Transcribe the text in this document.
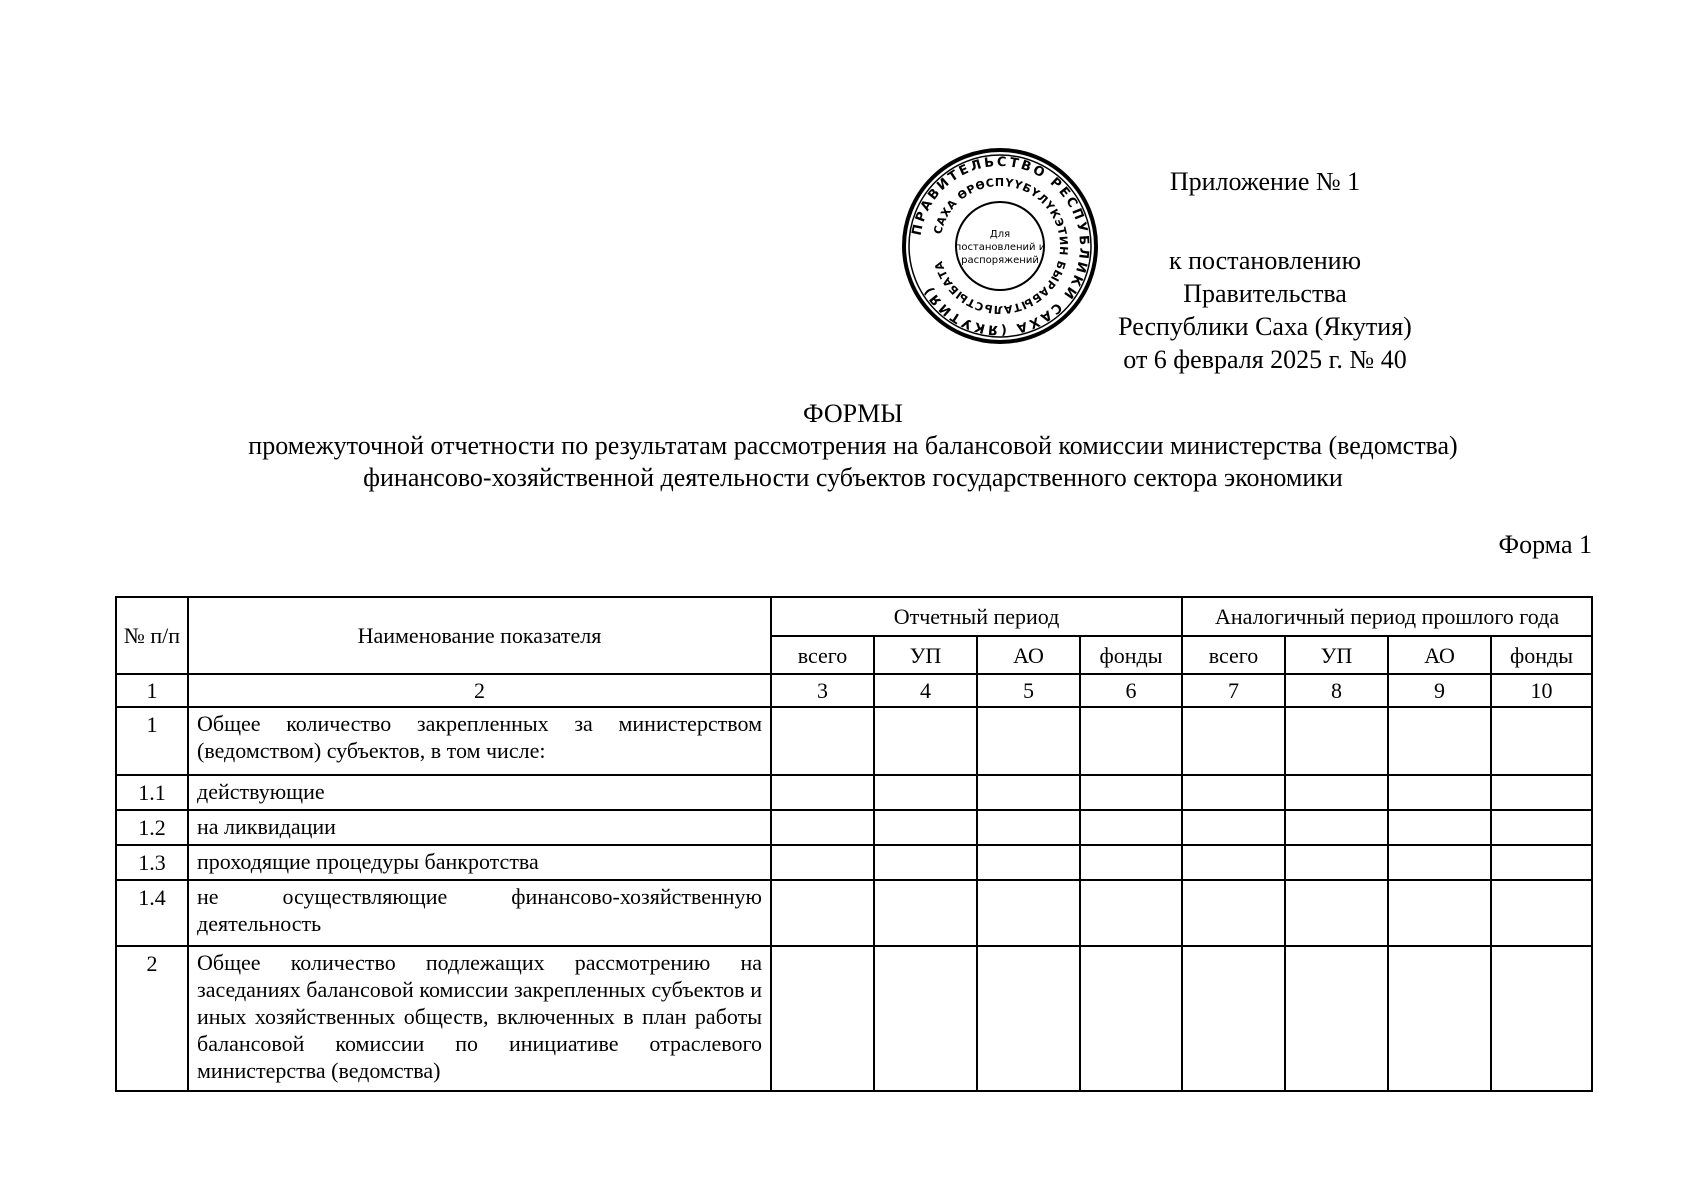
ПРАВИТЕЛЬСТВО РЕСПУБЛИКИ САХА (ЯКУТИЯ)
САХА ӨРӨСПҮҮБҮЛҮКЭТИН БЫРАБЫТАЛЬСТЫБАТА
Для
постановлений и
распоряжений
Приложение № 1
к постановлению Правительства
Республики Саха (Якутия)
от 6 февраля 2025 г. № 40
ФОРМЫ
промежуточной отчетности по результатам рассмотрения на балансовой комиссии министерства (ведомства)
финансово-хозяйственной деятельности субъектов государственного сектора экономики
Форма 1
№ п/п	Наименование показателя	Отчетный период				Аналогичный период прошлого года			
		всего	УП	АО	фонды	всего	УП	АО	фонды
1	2	3	4	5	6	7	8	9	10
1	Общее количество закрепленных за министерством (ведомством) субъектов, в том числе:								
1.1	действующие								
1.2	на ликвидации								
1.3	проходящие процедуры банкротства								
1.4	не осуществляющие финансово-хозяйственную деятельность								
2	Общее количество подлежащих рассмотрению на заседаниях балансовой комиссии закрепленных субъектов и иных хозяйственных обществ, включенных в план работы балансовой комиссии по инициативе отраслевого министерства (ведомства)								
